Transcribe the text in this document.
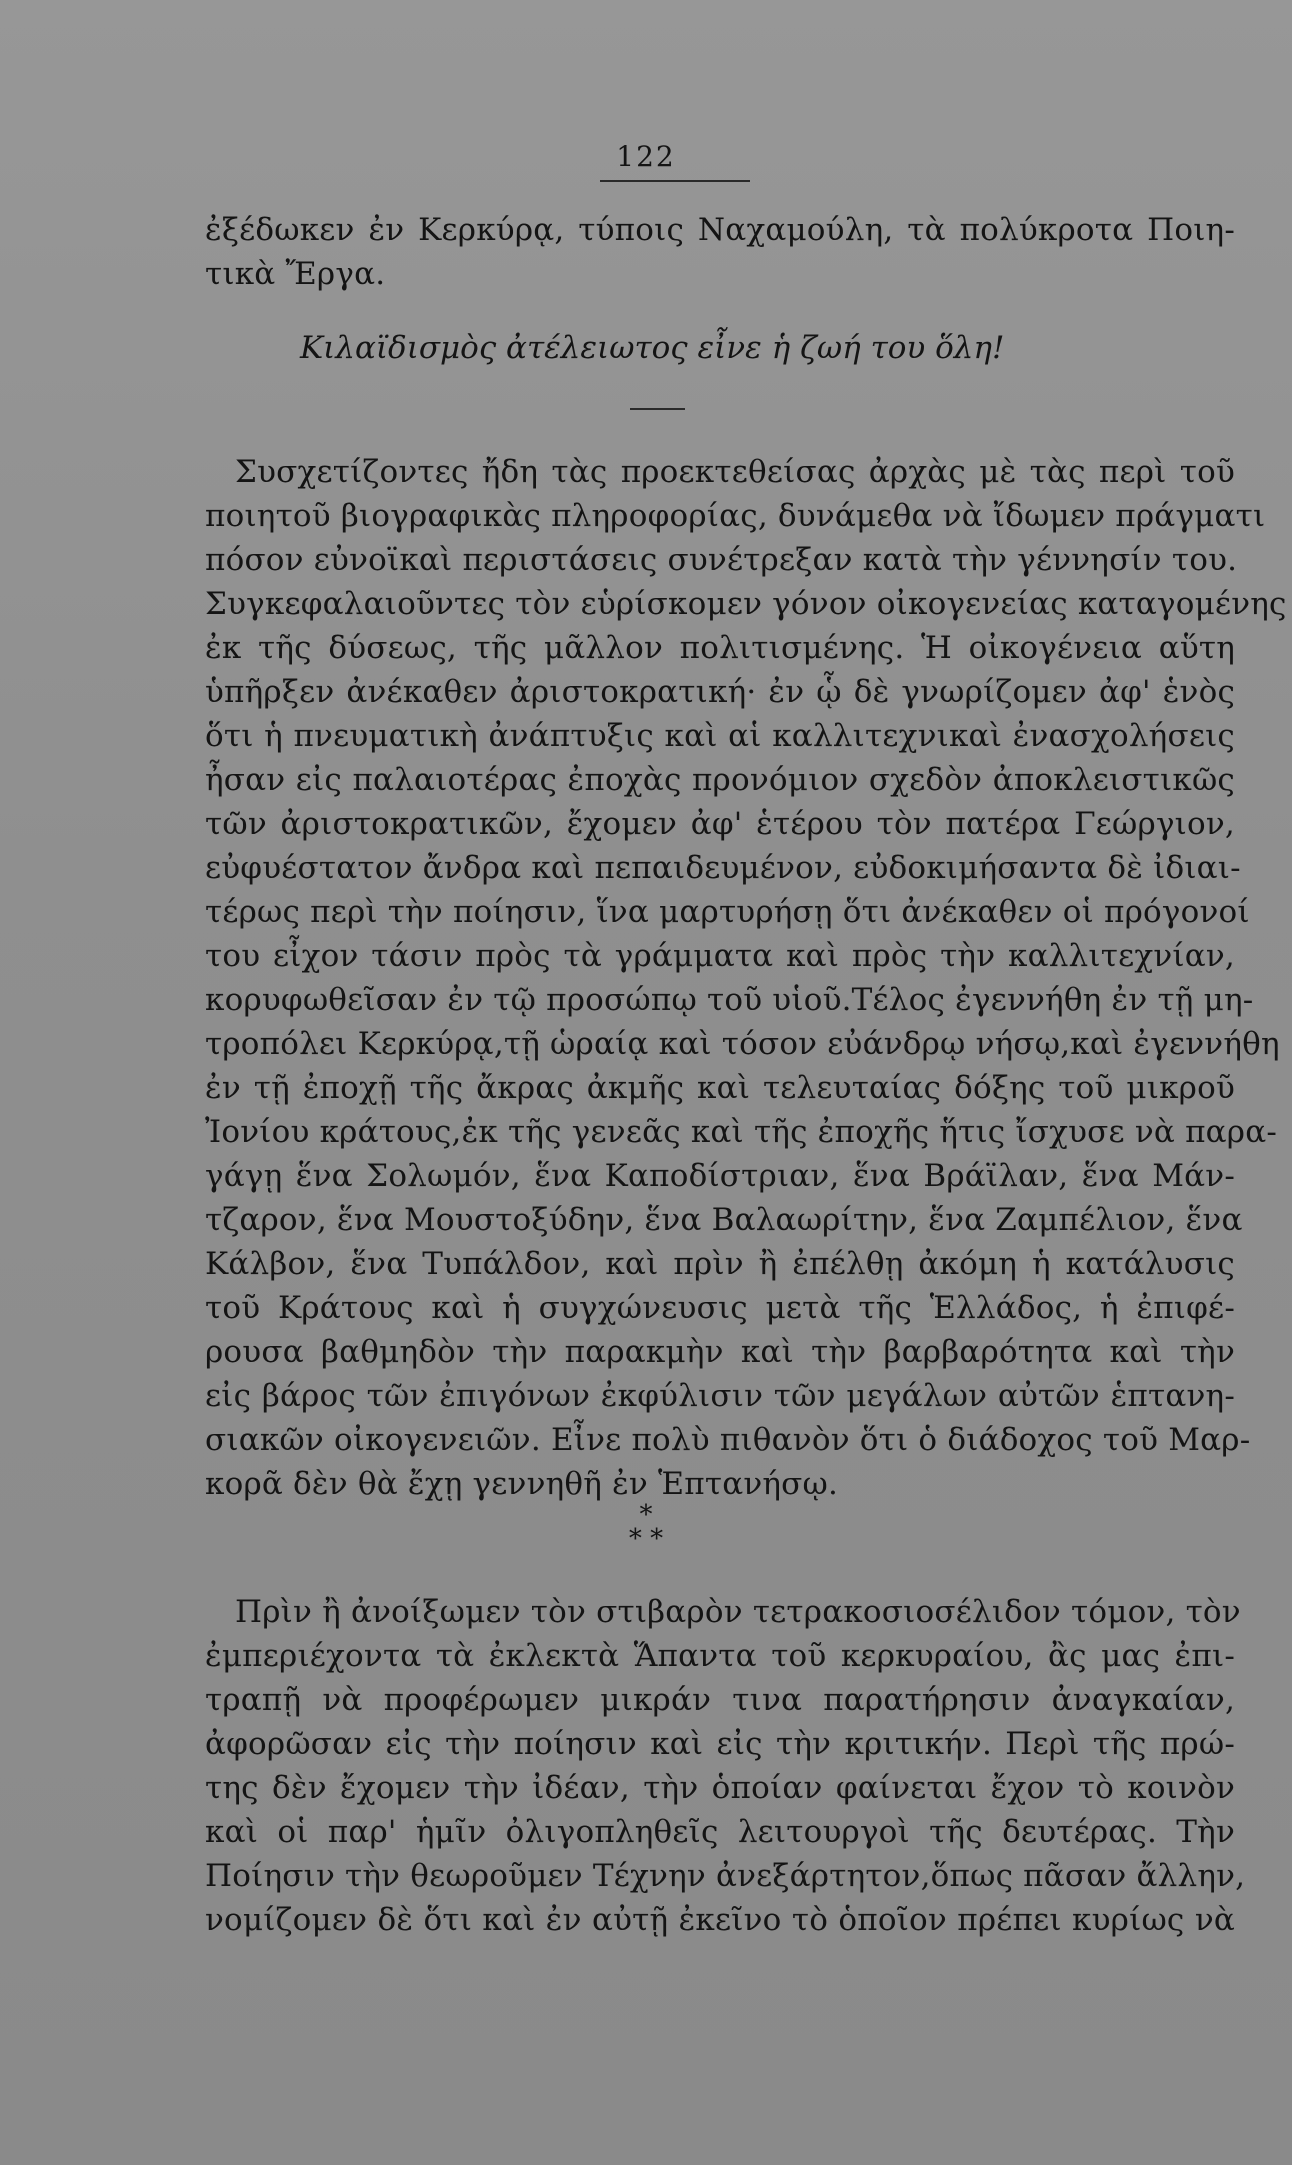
122
ἐξέδωκεν ἐν Κερκύρᾳ, τύποις Ναχαμούλη, τὰ πολύκροτα Ποιη-
τικὰ Ἔργα.
Κιλαϊδισμὸς ἀτέλειωτος εἶνε ἡ ζωή του ὅλη!
Συσχετίζοντες ἤδη τὰς προεκτεθείσας ἀρχὰς μὲ τὰς περὶ τοῦ
ποιητοῦ βιογραφικὰς πληροφορίας, δυνάμεθα νὰ ἴδωμεν πράγματι
πόσον εὐνοϊκαὶ περιστάσεις συνέτρεξαν κατὰ τὴν γέννησίν του.
Συγκεφαλαιοῦντες τὸν εὑρίσκομεν γόνον οἰκογενείας καταγομένης
ἐκ τῆς δύσεως, τῆς μᾶλλον πολιτισμένης. Ἡ οἰκογένεια αὕτη
ὑπῆρξεν ἀνέκαθεν ἀριστοκρατική· ἐν ᾧ δὲ γνωρίζομεν ἀφ' ἑνὸς
ὅτι ἡ πνευματικὴ ἀνάπτυξις καὶ αἱ καλλιτεχνικαὶ ἐνασχολήσεις
ἦσαν εἰς παλαιοτέρας ἐποχὰς προνόμιον σχεδὸν ἀποκλειστικῶς
τῶν ἀριστοκρατικῶν, ἔχομεν ἀφ' ἑτέρου τὸν πατέρα Γεώργιον,
εὐφυέστατον ἄνδρα καὶ πεπαιδευμένον, εὐδοκιμήσαντα δὲ ἰδιαι-
τέρως περὶ τὴν ποίησιν, ἵνα μαρτυρήσῃ ὅτι ἀνέκαθεν οἱ πρόγονοί
του εἶχον τάσιν πρὸς τὰ γράμματα καὶ πρὸς τὴν καλλιτεχνίαν,
κορυφωθεῖσαν ἐν τῷ προσώπῳ τοῦ υἱοῦ.Τέλος ἐγεννήθη ἐν τῇ μη-
τροπόλει Κερκύρᾳ,τῇ ὡραίᾳ καὶ τόσον εὐάνδρῳ νήσῳ,καὶ ἐγεννήθη
ἐν τῇ ἐποχῇ τῆς ἄκρας ἀκμῆς καὶ τελευταίας δόξης τοῦ μικροῦ
Ἰονίου κράτους,ἐκ τῆς γενεᾶς καὶ τῆς ἐποχῆς ἥτις ἴσχυσε νὰ παρα-
γάγῃ ἕνα Σολωμόν, ἕνα Καποδίστριαν, ἕνα Βράϊλαν, ἕνα Μάν-
τζαρον, ἕνα Μουστοξύδην, ἕνα Βαλαωρίτην, ἕνα Ζαμπέλιον, ἕνα
Κάλβον, ἕνα Τυπάλδον, καὶ πρὶν ἢ ἐπέλθῃ ἀκόμη ἡ κατάλυσις
τοῦ Κράτους καὶ ἡ συγχώνευσις μετὰ τῆς Ἑλλάδος, ἡ ἐπιφέ-
ρουσα βαθμηδὸν τὴν παρακμὴν καὶ τὴν βαρβαρότητα καὶ τὴν
εἰς βάρος τῶν ἐπιγόνων ἐκφύλισιν τῶν μεγάλων αὐτῶν ἑπτανη-
σιακῶν οἰκογενειῶν. Εἶνε πολὺ πιθανὸν ὅτι ὁ διάδοχος τοῦ Μαρ-
κορᾶ δὲν θὰ ἔχῃ γεννηθῆ ἐν Ἑπτανήσῳ.
*
* *
Πρὶν ἢ ἀνοίξωμεν τὸν στιβαρὸν τετρακοσιοσέλιδον τόμον, τὸν
ἐμπεριέχοντα τὰ ἐκλεκτὰ Ἅπαντα τοῦ κερκυραίου, ἂς μας ἐπι-
τραπῇ νὰ προφέρωμεν μικράν τινα παρατήρησιν ἀναγκαίαν,
ἀφορῶσαν εἰς τὴν ποίησιν καὶ εἰς τὴν κριτικήν. Περὶ τῆς πρώ-
της δὲν ἔχομεν τὴν ἰδέαν, τὴν ὁποίαν φαίνεται ἔχον τὸ κοινὸν
καὶ οἱ παρ' ἡμῖν ὀλιγοπληθεῖς λειτουργοὶ τῆς δευτέρας. Τὴν
Ποίησιν τὴν θεωροῦμεν Τέχνην ἀνεξάρτητον,ὅπως πᾶσαν ἄλλην,
νομίζομεν δὲ ὅτι καὶ ἐν αὐτῇ ἐκεῖνο τὸ ὁποῖον πρέπει κυρίως νὰ
